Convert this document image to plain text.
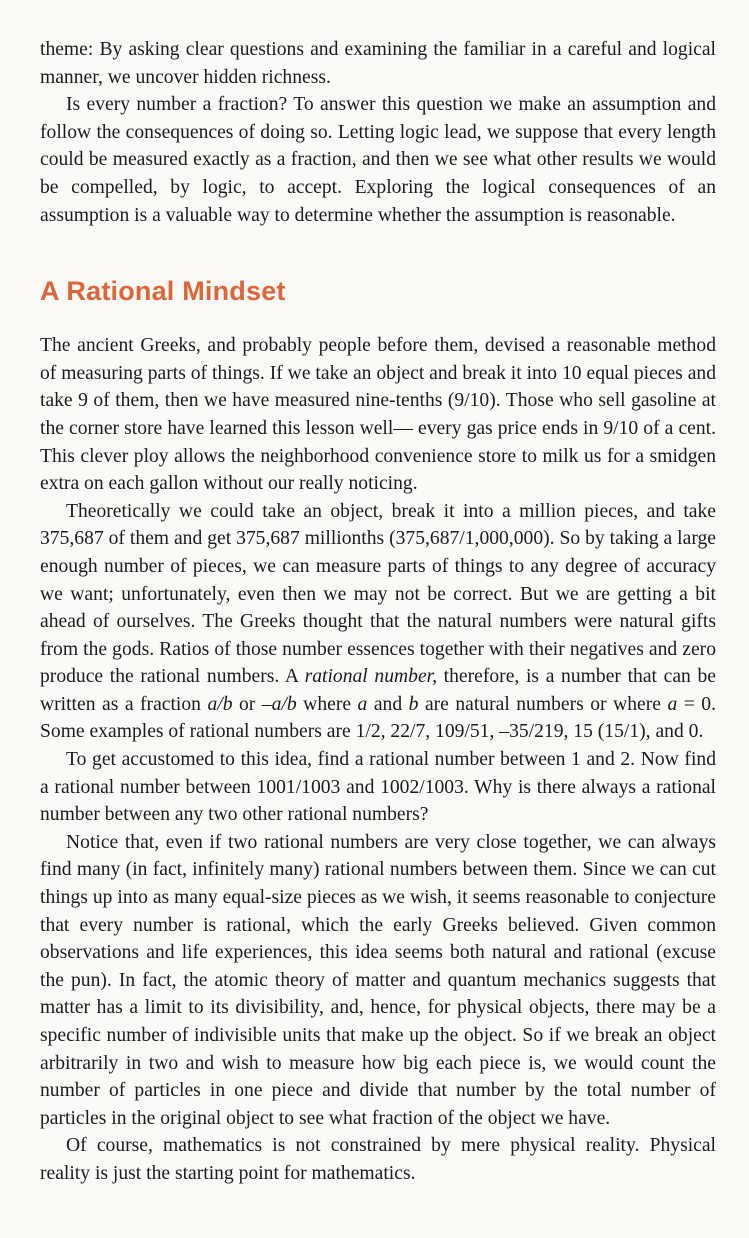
theme: By asking clear questions and examining the familiar in a careful and logical manner, we uncover hidden richness.

Is every number a fraction? To answer this question we make an assumption and follow the consequences of doing so. Letting logic lead, we suppose that every length could be measured exactly as a fraction, and then we see what other results we would be compelled, by logic, to accept. Exploring the logical consequences of an assumption is a valuable way to determine whether the assumption is reasonable.

A Rational Mindset

The ancient Greeks, and probably people before them, devised a reasonable method of measuring parts of things. If we take an object and break it into 10 equal pieces and take 9 of them, then we have measured nine-tenths (9/10). Those who sell gasoline at the corner store have learned this lesson well— every gas price ends in 9/10 of a cent. This clever ploy allows the neighborhood convenience store to milk us for a smidgen extra on each gallon without our really noticing.

Theoretically we could take an object, break it into a million pieces, and take 375,687 of them and get 375,687 millionths (375,687/1,000,000). So by taking a large enough number of pieces, we can measure parts of things to any degree of accuracy we want; unfortunately, even then we may not be correct. But we are getting a bit ahead of ourselves. The Greeks thought that the natural numbers were natural gifts from the gods. Ratios of those number essences together with their negatives and zero produce the rational numbers. A rational number, therefore, is a number that can be written as a fraction a/b or –a/b where a and b are natural numbers or where a = 0. Some examples of rational numbers are 1/2, 22/7, 109/51, –35/219, 15 (15/1), and 0.

To get accustomed to this idea, find a rational number between 1 and 2. Now find a rational number between 1001/1003 and 1002/1003. Why is there always a rational number between any two other rational numbers?

Notice that, even if two rational numbers are very close together, we can always find many (in fact, infinitely many) rational numbers between them. Since we can cut things up into as many equal-size pieces as we wish, it seems reasonable to conjecture that every number is rational, which the early Greeks believed. Given common observations and life experiences, this idea seems both natural and rational (excuse the pun). In fact, the atomic theory of matter and quantum mechanics suggests that matter has a limit to its divisibility, and, hence, for physical objects, there may be a specific number of indivisible units that make up the object. So if we break an object arbitrarily in two and wish to measure how big each piece is, we would count the number of particles in one piece and divide that number by the total number of particles in the original object to see what fraction of the object we have.

Of course, mathematics is not constrained by mere physical reality. Physical reality is just the starting point for mathematics.
